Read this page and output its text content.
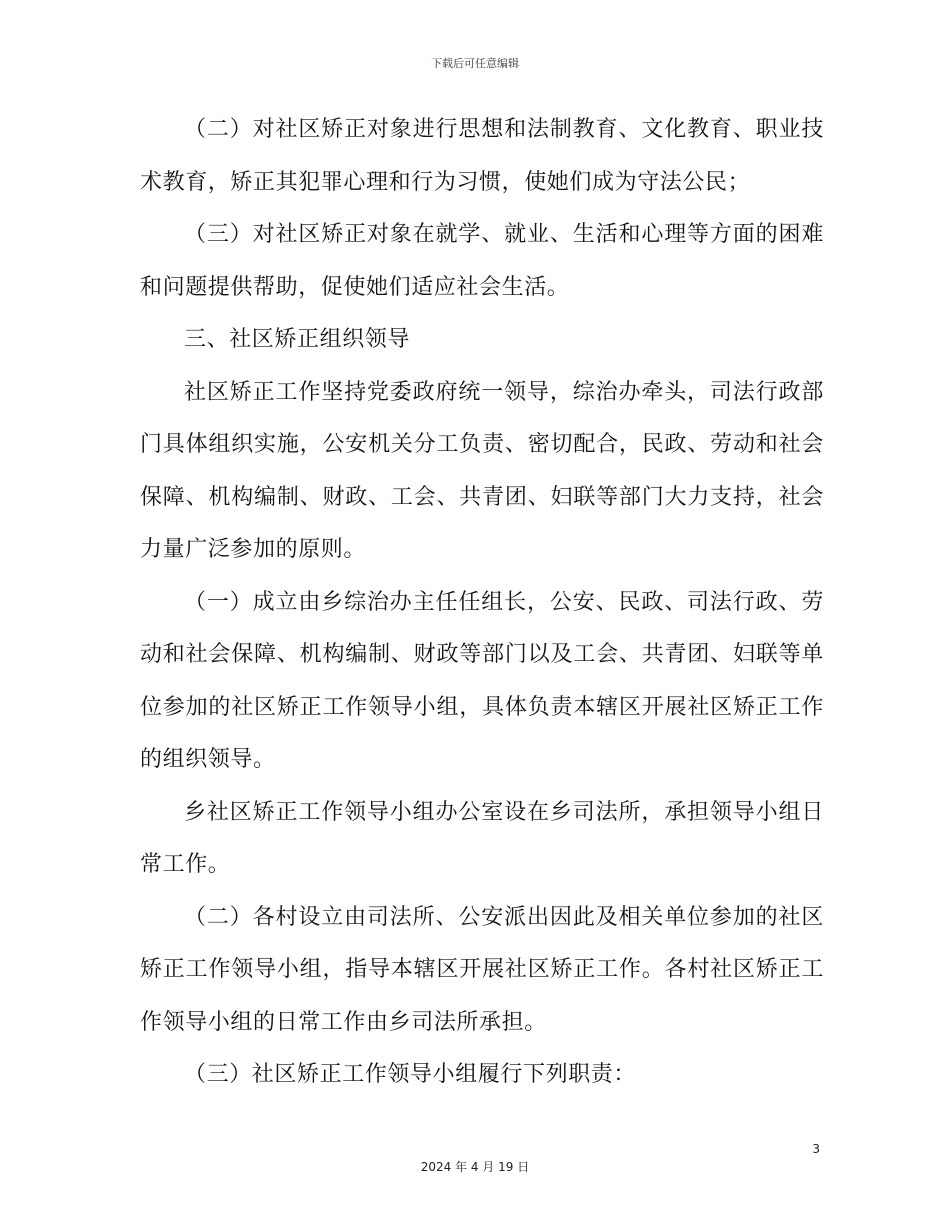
下载后可任意编辑

（二）对社区矫正对象进行思想和法制教育、文化教育、职业技术教育，矫正其犯罪心理和行为习惯，使她们成为守法公民；

（三）对社区矫正对象在就学、就业、生活和心理等方面的困难和问题提供帮助，促使她们适应社会生活。

三、社区矫正组织领导

社区矫正工作坚持党委政府统一领导，综治办牵头，司法行政部门具体组织实施，公安机关分工负责、密切配合，民政、劳动和社会保障、机构编制、财政、工会、共青团、妇联等部门大力支持，社会力量广泛参加的原则。

（一）成立由乡综治办主任任组长，公安、民政、司法行政、劳动和社会保障、机构编制、财政等部门以及工会、共青团、妇联等单位参加的社区矫正工作领导小组，具体负责本辖区开展社区矫正工作的组织领导。

乡社区矫正工作领导小组办公室设在乡司法所，承担领导小组日常工作。

（二）各村设立由司法所、公安派出因此及相关单位参加的社区矫正工作领导小组，指导本辖区开展社区矫正工作。各村社区矫正工作领导小组的日常工作由乡司法所承担。

（三）社区矫正工作领导小组履行下列职责：

3
2024 年 4 月 19 日
